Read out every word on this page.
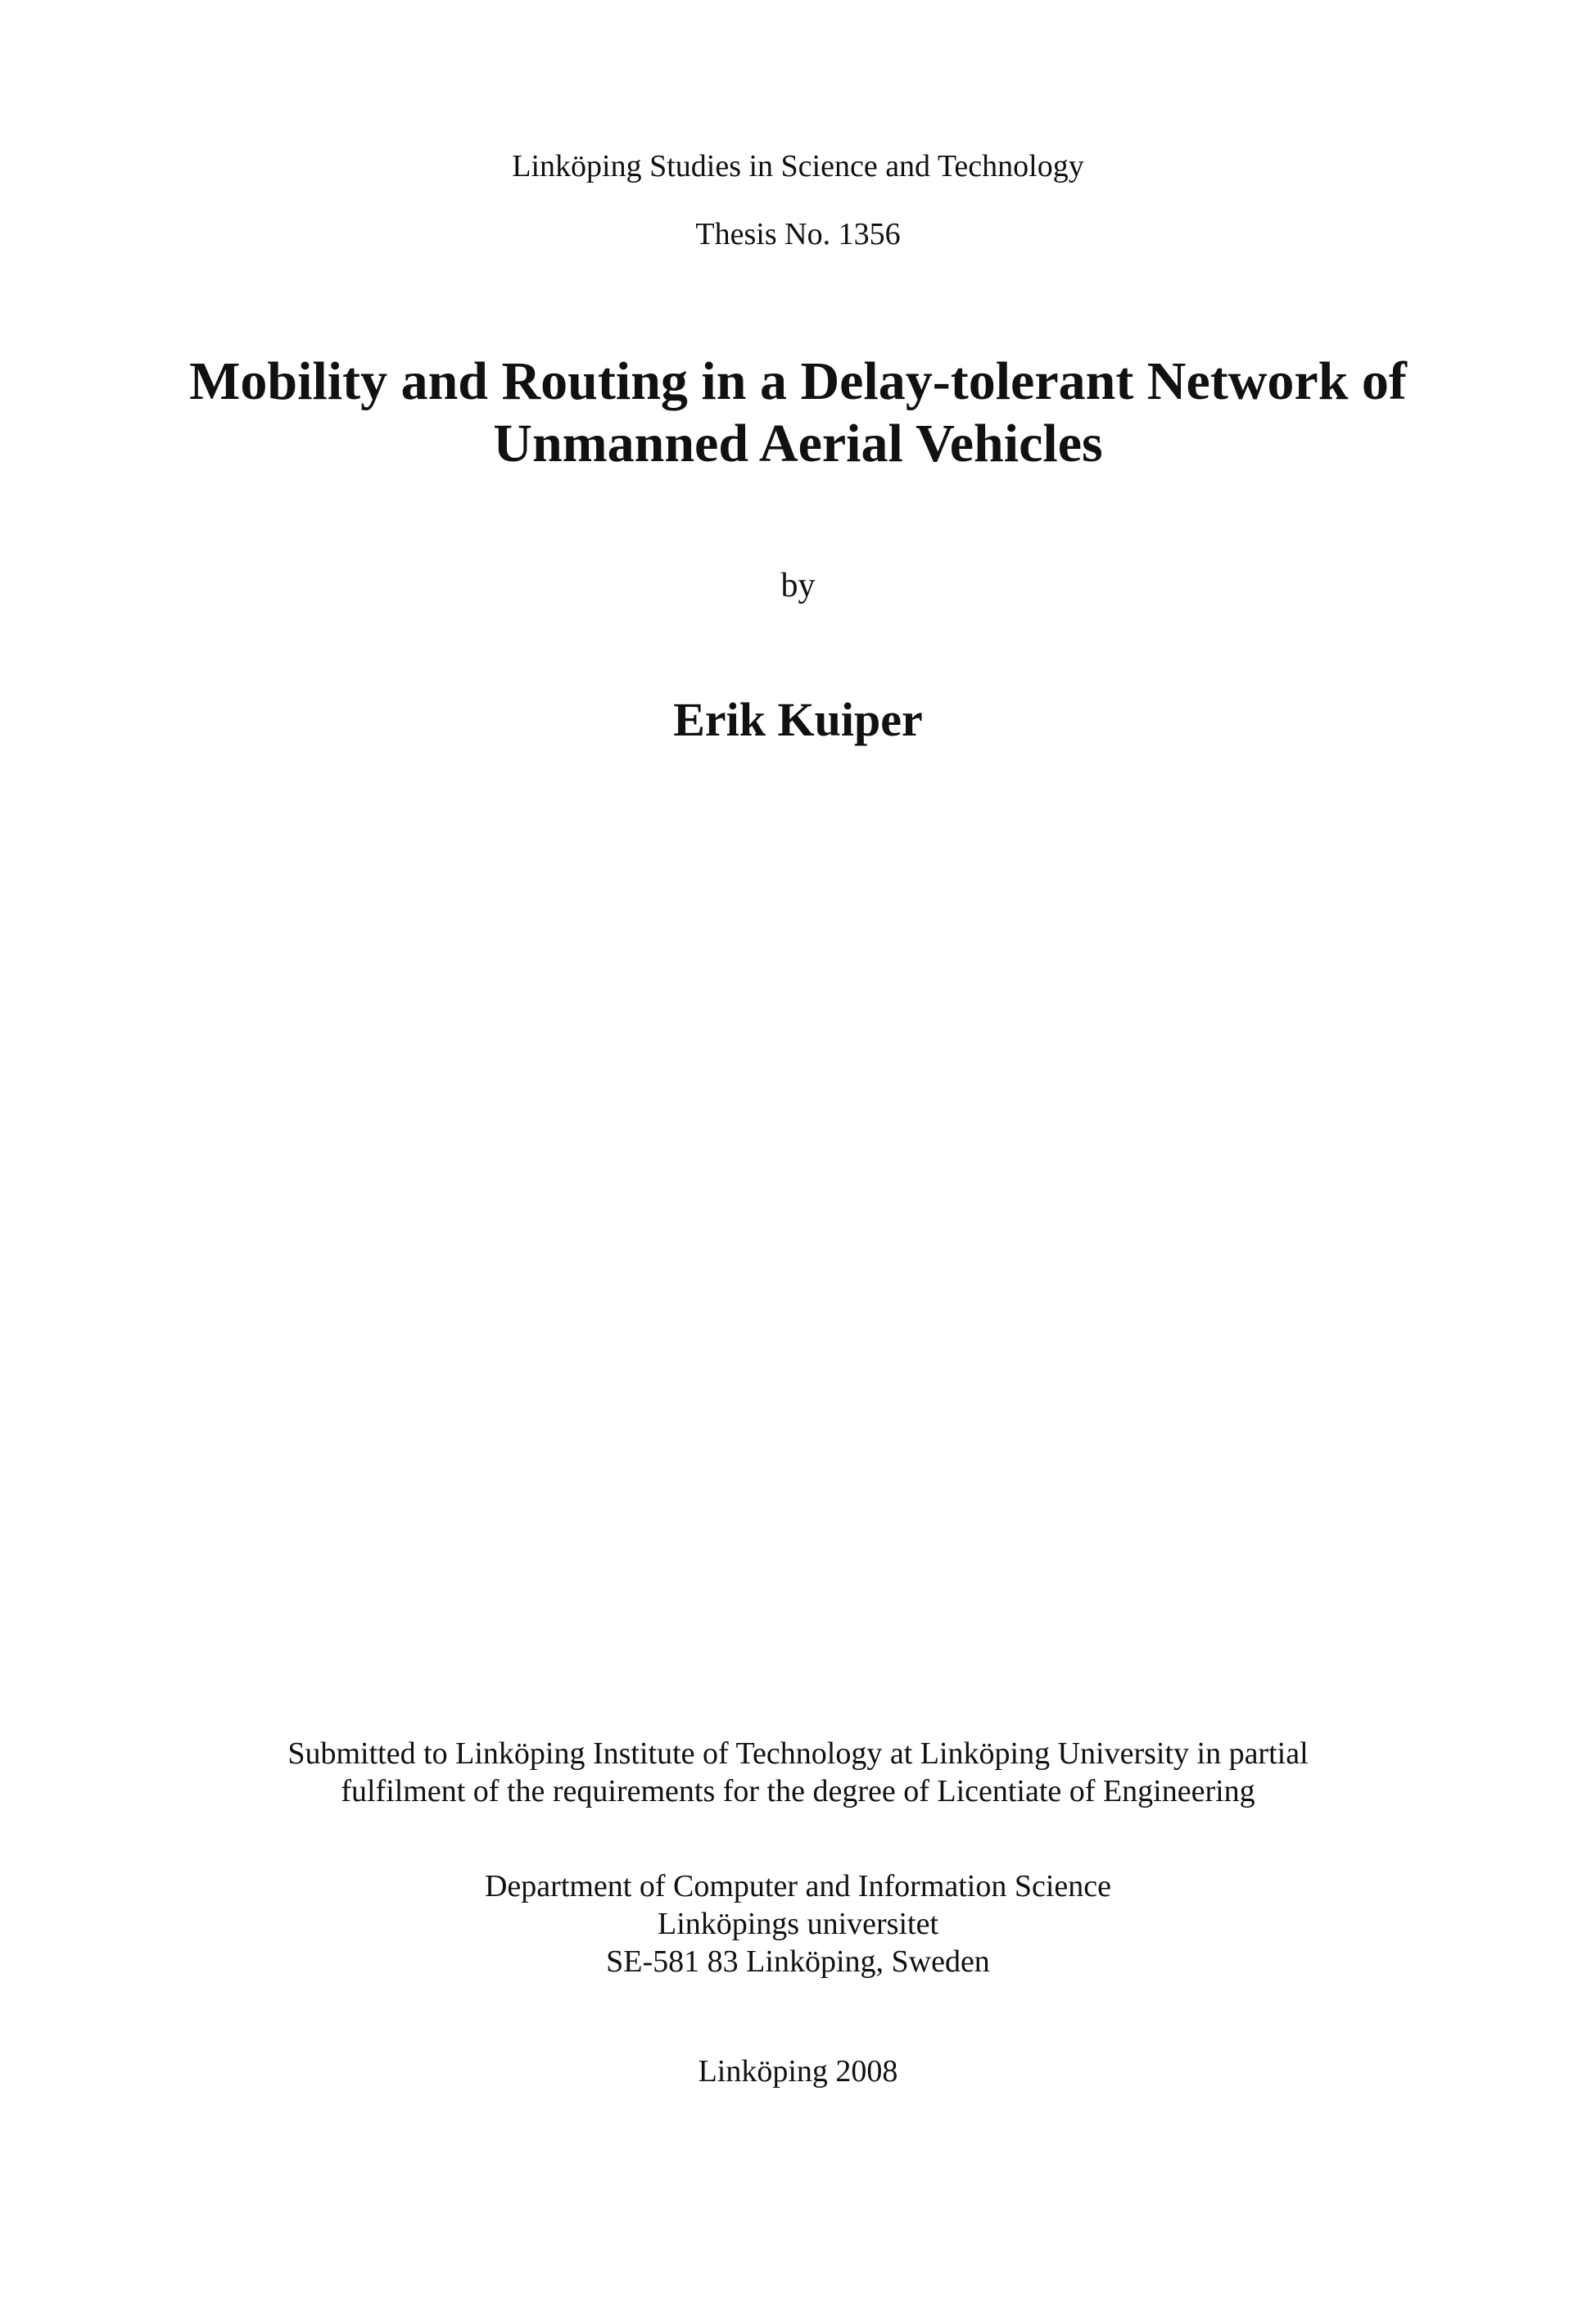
Linköping Studies in Science and Technology
Thesis No. 1356
Mobility and Routing in a Delay-tolerant Network of
Unmanned Aerial Vehicles
by
Erik Kuiper
Submitted to Linköping Institute of Technology at Linköping University in partial
fulfilment of the requirements for the degree of Licentiate of Engineering
Department of Computer and Information Science
Linköpings universitet
SE-581 83 Linköping, Sweden
Linköping 2008
